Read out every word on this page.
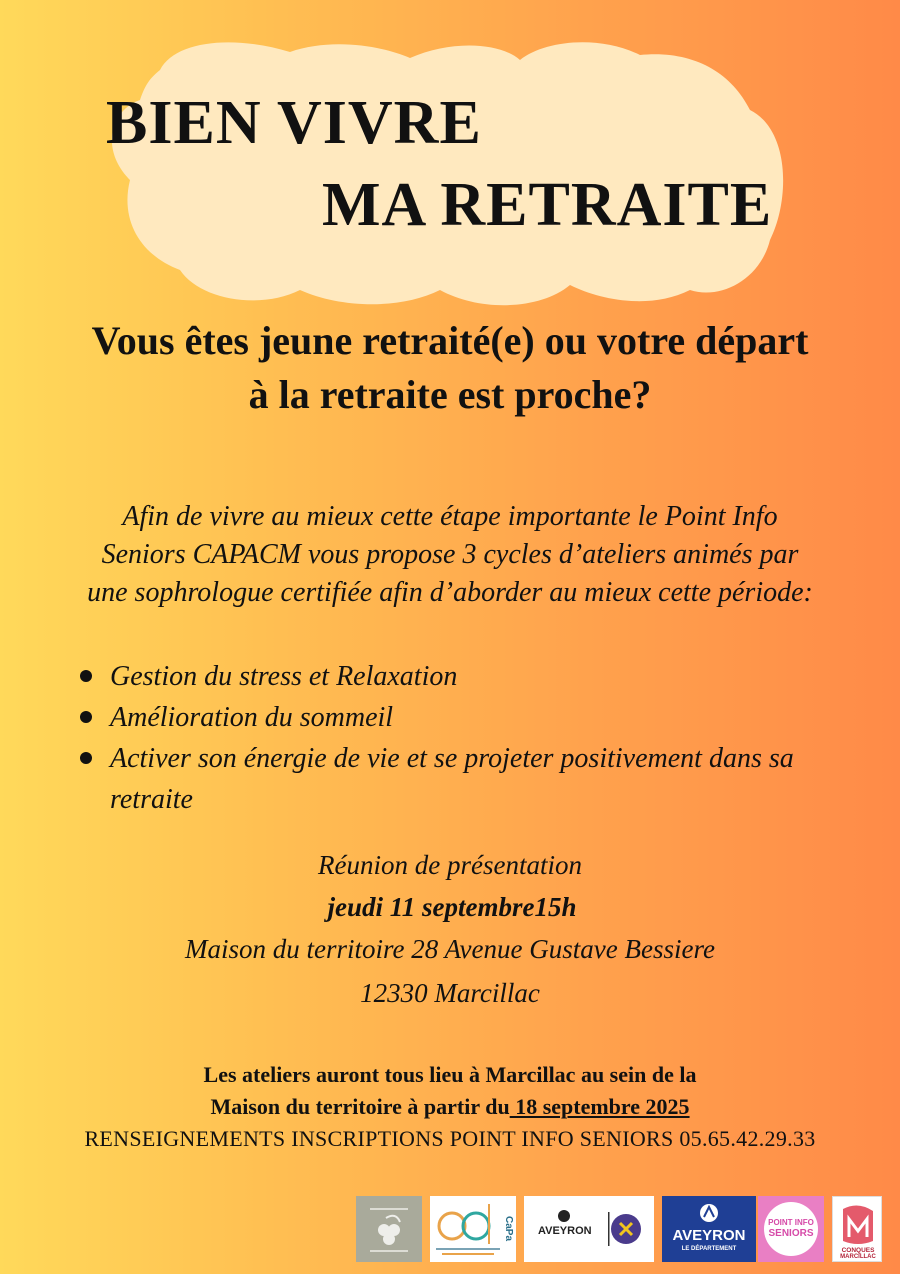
BIEN VIVRE
MA RETRAITE
Vous êtes jeune retraité(e) ou votre départ
à la retraite est proche?
Afin de vivre au mieux cette étape importante le Point Info
Seniors CAPACM vous propose 3 cycles d’ateliers animés par
une sophrologue certifiée afin d’aborder au mieux cette période:
Gestion du stress et Relaxation
Amélioration du sommeil
Activer son énergie de vie et se projeter positivement dans sa
retraite
Réunion de présentation
jeudi 11 septembre15h
Maison du territoire 28 Avenue Gustave Bessiere
12330 Marcillac
Les ateliers auront tous lieu à Marcillac au sein de la
Maison du territoire à partir du 18 septembre 2025
RENSEIGNEMENTS INSCRIPTIONS POINT INFO SENIORS 05.65.42.29.33
CaPa AVEYRON	AVEYRON
LE DÉPARTEMENT
POINT INFO
SENIORS
CONQUES
MARCILLAC
